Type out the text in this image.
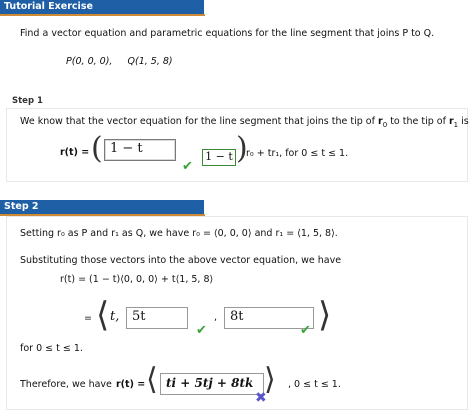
Tutorial Exercise
Find a vector equation and parametric equations for the line segment that joins P to Q.

P(0, 0, 0),     Q(1, 5, 8)

Step 1
We know that the vector equation for the line segment that joins the tip of $r_0$ to the tip of $r_1$ is
r(t) = ( 1 − t
✔
1 − t )
r₀ + tr₁, for 0 ≤ t ≤ 1.
Step 2
Setting r₀ as P and r₁ as Q, we have r₀ = ⟨0, 0, 0⟩ and r₁ = ⟨1, 5, 8⟩.
Substituting those vectors into the above vector equation, we have
r(t) = (1 − t)⟨0, 0, 0⟩ + t⟨1, 5, 8⟩
= ⟨ t, 5t
✔
, 8t
✔ ⟩
for 0 ≤ t ≤ 1.
Therefore, we have r(t) = ⟨ ti + 5tj + 8tk ⟩
✖
, 0 ≤ t ≤ 1.
